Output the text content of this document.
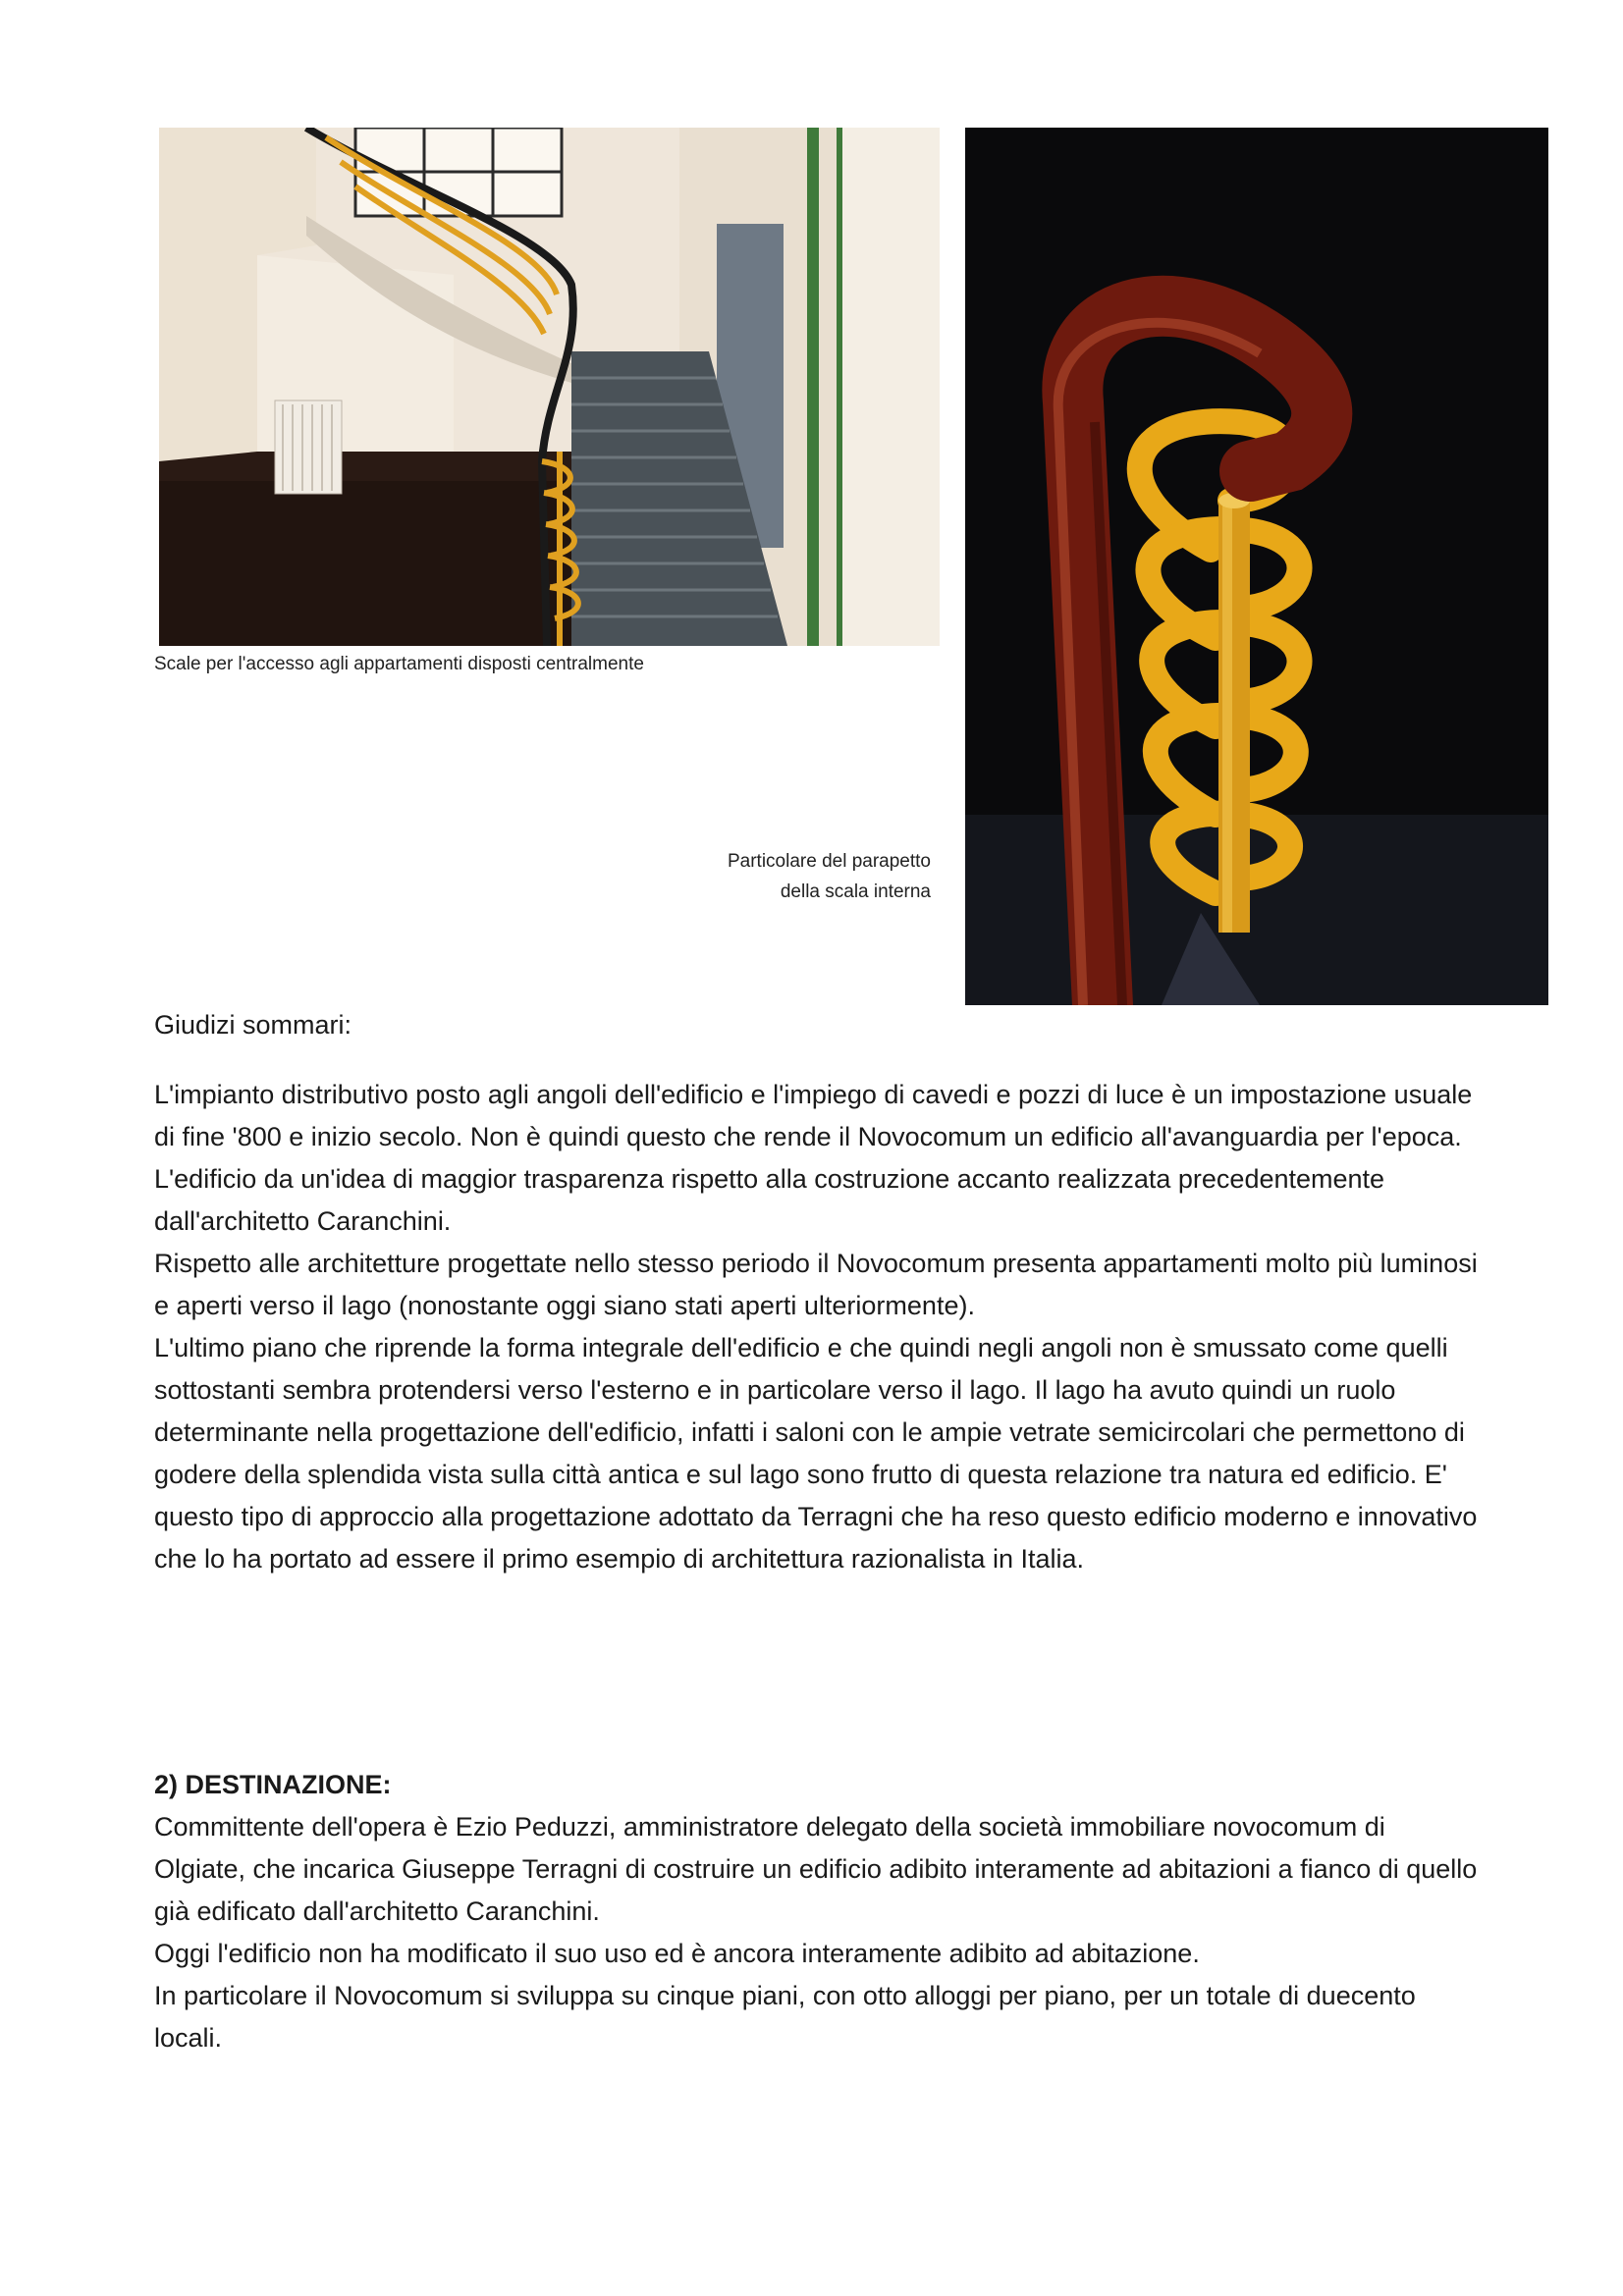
Scale per l'accesso agli appartamenti disposti centralmente
Particolare del parapetto
della scala interna
Giudizi sommari:

L'impianto distributivo posto agli angoli dell'edificio e l'impiego di cavedi e pozzi di luce è un impostazione usuale di fine '800 e inizio secolo. Non è quindi questo che rende il Novocomum un edificio all'avanguardia per l'epoca.

L'edificio da un'idea di maggior trasparenza rispetto alla costruzione accanto realizzata precedentemente dall'architetto Caranchini.

Rispetto alle architetture progettate nello stesso periodo il Novocomum presenta appartamenti molto più luminosi e aperti verso il lago (nonostante oggi siano stati aperti ulteriormente).

L'ultimo piano che riprende la forma integrale dell'edificio e che quindi negli angoli non è smussato come quelli sottostanti sembra protendersi verso l'esterno e in particolare verso il lago. Il lago ha avuto quindi un ruolo determinante nella progettazione dell'edificio, infatti i saloni con le ampie vetrate semicircolari che permettono di godere della splendida vista sulla città antica e sul lago sono frutto di questa relazione tra natura ed edificio. E' questo tipo di approccio alla progettazione adottato da Terragni che ha reso questo edificio moderno e innovativo che lo ha portato ad essere il primo esempio di architettura razionalista in Italia.

2) DESTINAZIONE:

Committente dell'opera è Ezio Peduzzi, amministratore delegato della società immobiliare novocomum di Olgiate, che incarica Giuseppe Terragni di costruire un edificio adibito interamente ad abitazioni a fianco di quello già edificato dall'architetto Caranchini.

Oggi l'edificio non ha modificato il suo uso ed è ancora interamente adibito ad abitazione.

In particolare il Novocomum si sviluppa su cinque piani, con otto alloggi per piano, per un totale di duecento locali.
